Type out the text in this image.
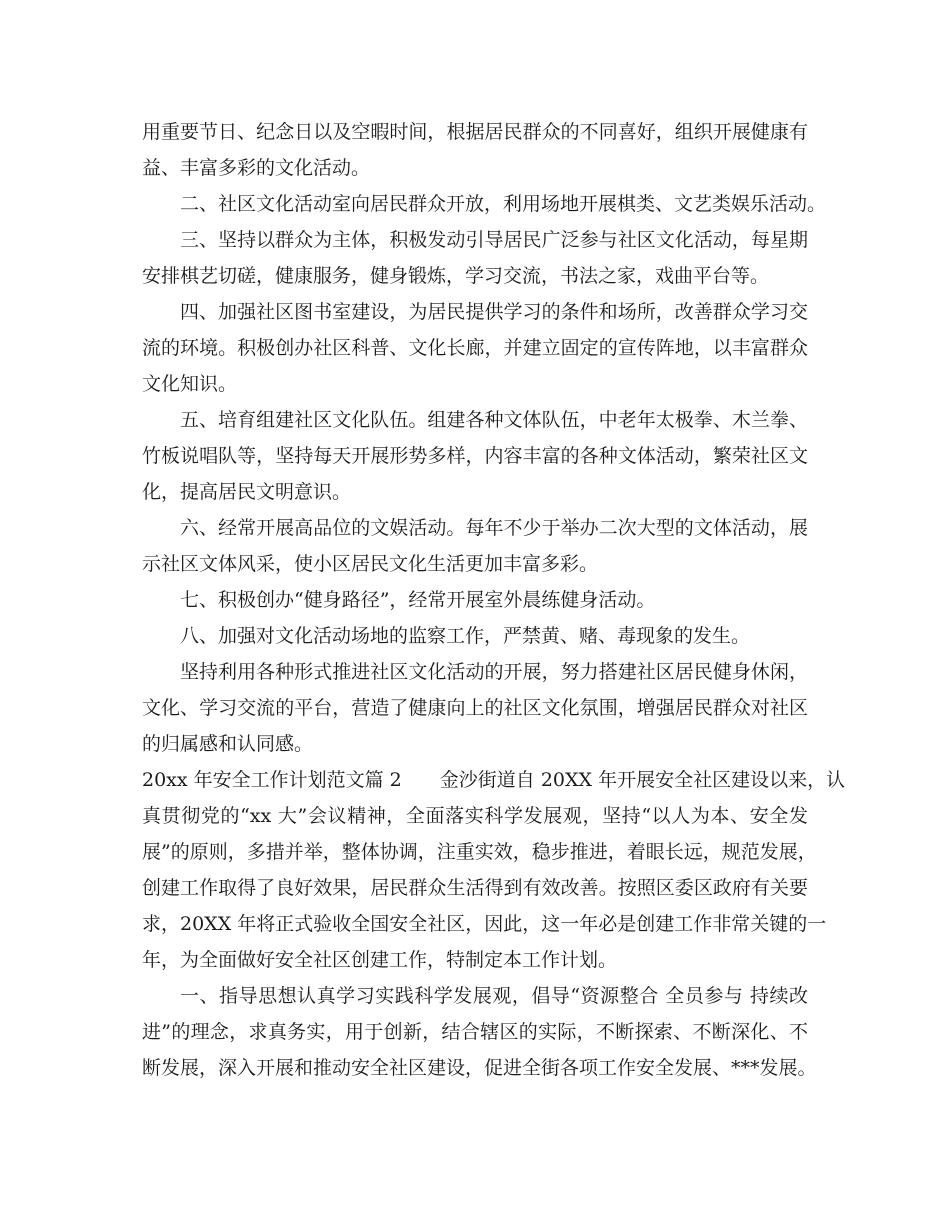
用重要节日、纪念日以及空暇时间，根据居民群众的不同喜好，组织开展健康有
益、丰富多彩的文化活动。
二、社区文化活动室向居民群众开放，利用场地开展棋类、文艺类娱乐活动。
三、坚持以群众为主体，积极发动引导居民广泛参与社区文化活动，每星期
安排棋艺切磋，健康服务，健身锻炼，学习交流，书法之家，戏曲平台等。
四、加强社区图书室建设，为居民提供学习的条件和场所，改善群众学习交
流的环境。积极创办社区科普、文化长廊，并建立固定的宣传阵地，以丰富群众
文化知识。
五、培育组建社区文化队伍。组建各种文体队伍，中老年太极拳、木兰拳、
竹板说唱队等，坚持每天开展形势多样，内容丰富的各种文体活动，繁荣社区文
化，提高居民文明意识。
六、经常开展高品位的文娱活动。每年不少于举办二次大型的文体活动，展
示社区文体风采，使小区居民文化生活更加丰富多彩。
七、积极创办“健身路径”，经常开展室外晨练健身活动。
八、加强对文化活动场地的监察工作，严禁黄、赌、毒现象的发生。
坚持利用各种形式推进社区文化活动的开展，努力搭建社区居民健身休闲，
文化、学习交流的平台，营造了健康向上的社区文化氛围，增强居民群众对社区
的归属感和认同感。
20xx 年安全工作计划范文篇 2　　金沙街道自 20XX 年开展安全社区建设以来，认
真贯彻党的“xx 大”会议精神，全面落实科学发展观，坚持“以人为本、安全发
展”的原则，多措并举，整体协调，注重实效，稳步推进，着眼长远，规范发展，
创建工作取得了良好效果，居民群众生活得到有效改善。按照区委区政府有关要
求，20XX 年将正式验收全国安全社区，因此，这一年必是创建工作非常关键的一
年，为全面做好安全社区创建工作，特制定本工作计划。
一、指导思想认真学习实践科学发展观，倡导“资源整合 全员参与 持续改
进”的理念，求真务实，用于创新，结合辖区的实际，不断探索、不断深化、不
断发展，深入开展和推动安全社区建设，促进全街各项工作安全发展、***发展。
